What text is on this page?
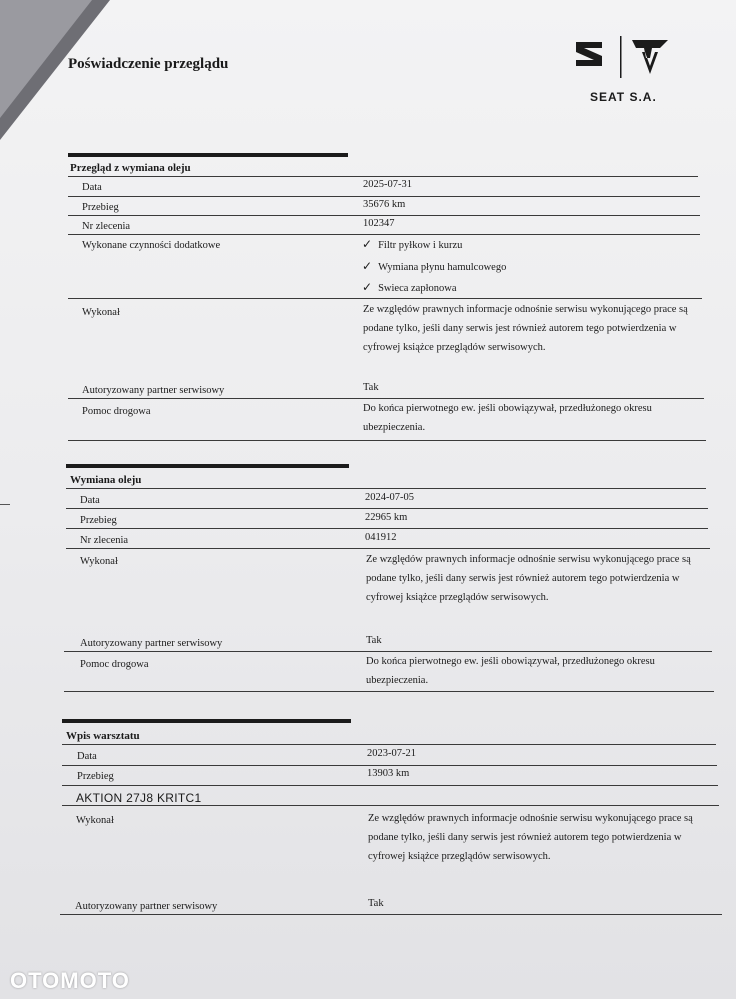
Poświadczenie przeglądu
SEAT S.A.
Przegląd z wymiana oleju
Data	2025-07-31
Przebieg	35676 km
Nr zlecenia	102347
Wykonane czynności dodatkowe	✓ Filtr pyłkow i kurzu
✓ Wymiana płynu hamulcowego
✓ Swieca zapłonowa
Wykonał	Ze względów prawnych informacje odnośnie serwisu wykonującego prace są podane tylko, jeśli dany serwis jest również autorem tego potwierdzenia w cyfrowej książce przeglądów serwisowych.
Autoryzowany partner serwisowy	Tak
Pomoc drogowa	Do końca pierwotnego ew. jeśli obowiązywał, przedłużonego okresu ubezpieczenia.
Wymiana oleju
Data	2024-07-05
Przebieg	22965 km
Nr zlecenia	041912
Wykonał	Ze względów prawnych informacje odnośnie serwisu wykonującego prace są podane tylko, jeśli dany serwis jest również autorem tego potwierdzenia w cyfrowej książce przeglądów serwisowych.
Autoryzowany partner serwisowy	Tak
Pomoc drogowa	Do końca pierwotnego ew. jeśli obowiązywał, przedłużonego okresu ubezpieczenia.
Wpis warsztatu
Data	2023-07-21
Przebieg	13903 km
AKTION 27J8 KRITC1
Wykonał	Ze względów prawnych informacje odnośnie serwisu wykonującego prace są podane tylko, jeśli dany serwis jest również autorem tego potwierdzenia w cyfrowej książce przeglądów serwisowych.
Autoryzowany partner serwisowy	Tak
OTOMOTO
